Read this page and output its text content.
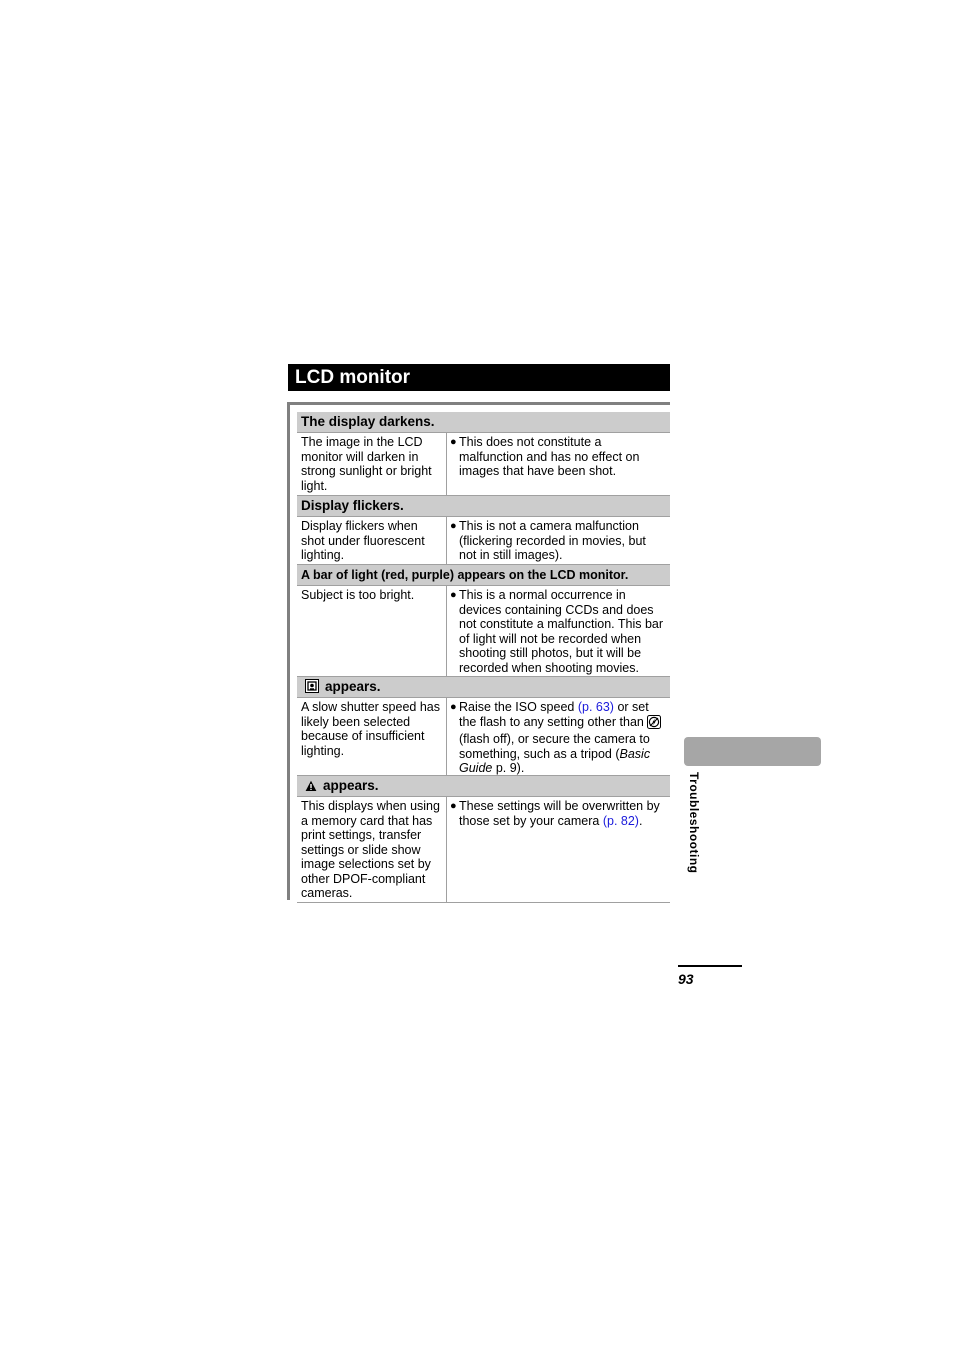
LCD monitor
The display darkens.
The image in the LCD monitor will darken in strong sunlight or bright light.
● This does not constitute a malfunction and has no effect on images that have been shot.
Display flickers.
Display flickers when shot under fluorescent lighting.
● This is not a camera malfunction (flickering recorded in movies, but not in still images).
A bar of light (red, purple) appears on the LCD monitor.
Subject is too bright.	● This is a normal occurrence in devices containing CCDs and does not constitute a malfunction. This bar of light will not be recorded when shooting still photos, but it will be recorded when shooting movies.
appears.
A slow shutter speed has likely been selected because of insufficient lighting.
● Raise the ISO speed (p. 63) or set the flash to any setting other than  (flash off), or secure the camera to something, such as a tripod (Basic Guide p. 9).
appears.
This displays when using a memory card that has print settings, transfer settings or slide show image selections set by other DPOF-compliant cameras.
● These settings will be overwritten by those set by your camera (p. 82).	Troubleshooting
93
